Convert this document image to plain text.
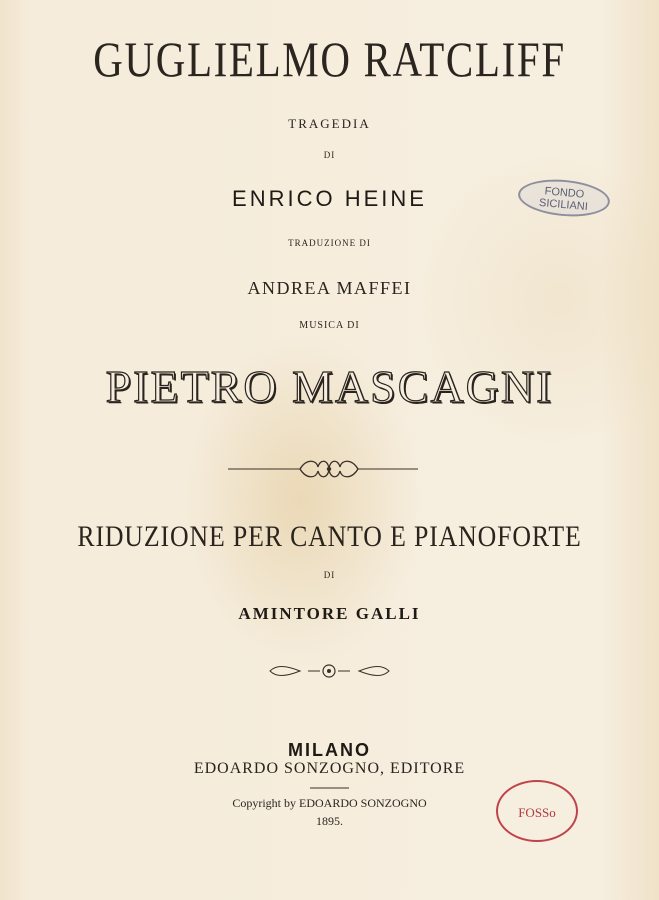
GUGLIELMO RATCLIFF
TRAGEDIA
DI
ENRICO HEINE
TRADUZIONE DI
ANDREA MAFFEI
MUSICA DI
PIETRO MASCAGNI
RIDUZIONE PER CANTO E PIANOFORTE
DI
AMINTORE GALLI
MILANO
EDOARDO SONZOGNO, EDITORE
Copyright by EDOARDO SONZOGNO
1895.
FONDO
SICILIANI
FOSSo
